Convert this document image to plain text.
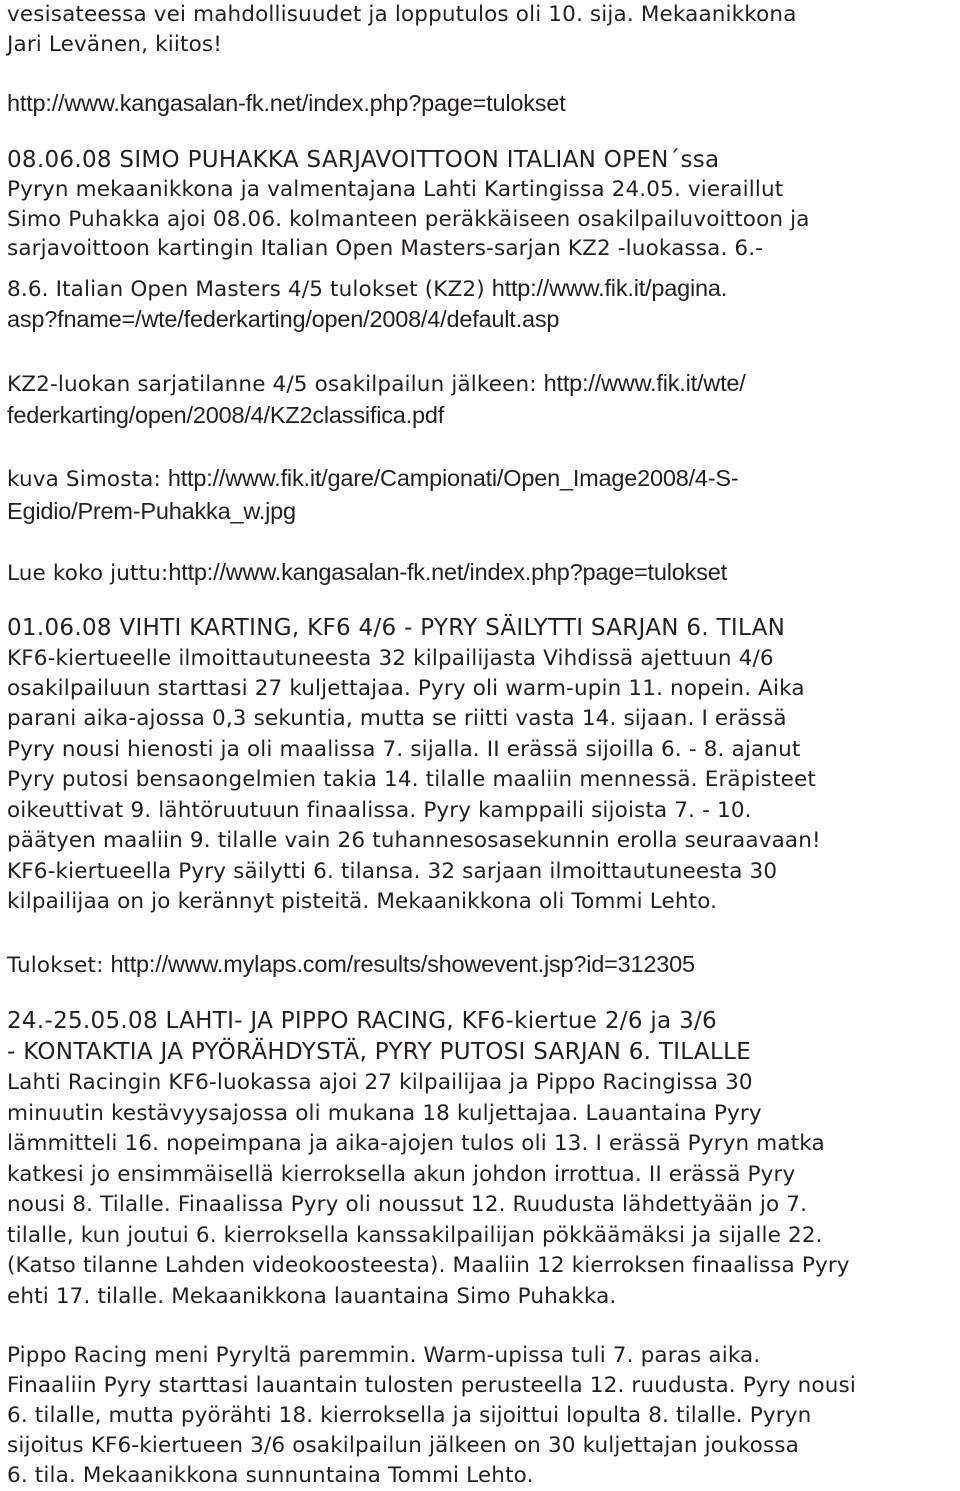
vesisateessa vei mahdollisuudet ja lopputulos oli 10. sija. Mekaanikkona
Jari Levänen, kiitos!
http://www.kangasalan-fk.net/index.php?page=tulokset
08.06.08 SIMO PUHAKKA SARJAVOITTOON ITALIAN OPEN´ssa
Pyryn mekaanikkona ja valmentajana Lahti Kartingissa 24.05. vieraillut
Simo Puhakka ajoi 08.06. kolmanteen peräkkäiseen osakilpailuvoittoon ja
sarjavoittoon kartingin Italian Open Masters-sarjan KZ2 -luokassa. 6.-
8.6. Italian Open Masters 4/5 tulokset (KZ2) http://www.fik.it/pagina.
asp?fname=/wte/federkarting/open/2008/4/default.asp
KZ2-luokan sarjatilanne 4/5 osakilpailun jälkeen: http://www.fik.it/wte/
federkarting/open/2008/4/KZ2classifica.pdf
kuva Simosta: http://www.fik.it/gare/Campionati/Open_Image2008/4-S-
Egidio/Prem-Puhakka_w.jpg
Lue koko juttu:http://www.kangasalan-fk.net/index.php?page=tulokset
01.06.08 VIHTI KARTING, KF6 4/6 - PYRY SÄILYTTI SARJAN 6. TILAN
KF6-kiertueelle ilmoittautuneesta 32 kilpailijasta Vihdissä ajettuun 4/6
osakilpailuun starttasi 27 kuljettajaa. Pyry oli warm-upin 11. nopein. Aika
parani aika-ajossa 0,3 sekuntia, mutta se riitti vasta 14. sijaan. I erässä
Pyry nousi hienosti ja oli maalissa 7. sijalla. II erässä sijoilla 6. - 8. ajanut
Pyry putosi bensaongelmien takia 14. tilalle maaliin mennessä. Eräpisteet
oikeuttivat 9. lähtöruutuun finaalissa. Pyry kamppaili sijoista 7. - 10.
päätyen maaliin 9. tilalle vain 26 tuhannesosasekunnin erolla seuraavaan!
KF6-kiertueella Pyry säilytti 6. tilansa. 32 sarjaan ilmoittautuneesta 30
kilpailijaa on jo kerännyt pisteitä. Mekaanikkona oli Tommi Lehto.
Tulokset: http://www.mylaps.com/results/showevent.jsp?id=312305
24.-25.05.08 LAHTI- JA PIPPO RACING, KF6-kiertue 2/6 ja 3/6
- KONTAKTIA JA PYÖRÄHDYSTÄ, PYRY PUTOSI SARJAN 6. TILALLE
Lahti Racingin KF6-luokassa ajoi 27 kilpailijaa ja Pippo Racingissa 30
minuutin kestävyysajossa oli mukana 18 kuljettajaa. Lauantaina Pyry
lämmitteli 16. nopeimpana ja aika-ajojen tulos oli 13. I erässä Pyryn matka
katkesi jo ensimmäisellä kierroksella akun johdon irrottua. II erässä Pyry
nousi 8. Tilalle. Finaalissa Pyry oli noussut 12. Ruudusta lähdettyään jo 7.
tilalle, kun joutui 6. kierroksella kanssakilpailijan pökkäämäksi ja sijalle 22.
(Katso tilanne Lahden videokoosteesta). Maaliin 12 kierroksen finaalissa Pyry
ehti 17. tilalle. Mekaanikkona lauantaina Simo Puhakka.
Pippo Racing meni Pyryltä paremmin. Warm-upissa tuli 7. paras aika.
Finaaliin Pyry starttasi lauantain tulosten perusteella 12. ruudusta. Pyry nousi
6. tilalle, mutta pyörähti 18. kierroksella ja sijoittui lopulta 8. tilalle. Pyryn
sijoitus KF6-kiertueen 3/6 osakilpailun jälkeen on 30 kuljettajan joukossa
6. tila. Mekaanikkona sunnuntaina Tommi Lehto.
